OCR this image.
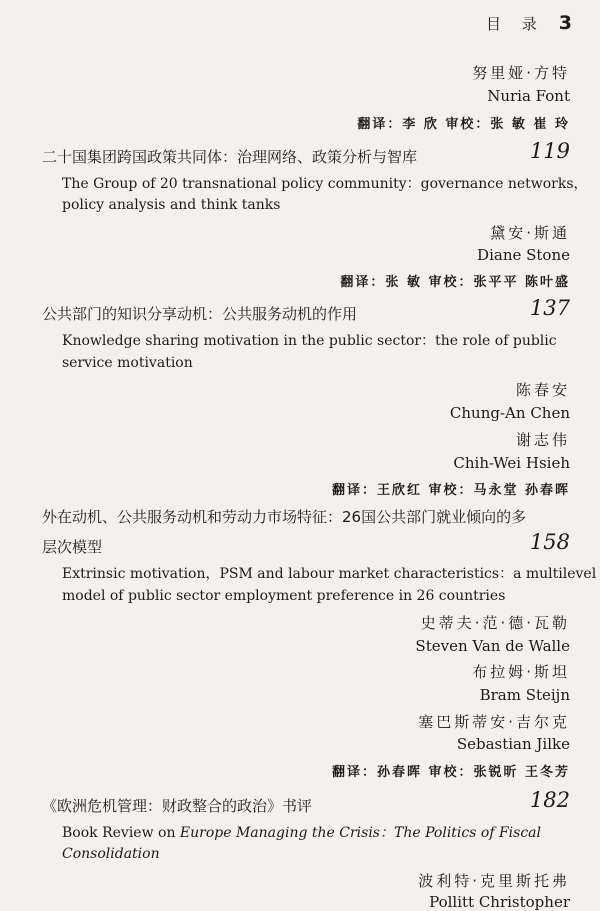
目 录 3
努里娅·方特
Nuria Font
翻译：李 欣 审校：张 敏 崔 玲
二十国集团跨国政策共同体：治理网络、政策分析与智库	119
The Group of 20 transnational policy community：governance networks，
policy analysis and think tanks
黛安·斯通
Diane Stone
翻译：张 敏 审校：张平平 陈叶盛
公共部门的知识分享动机：公共服务动机的作用	137
Knowledge sharing motivation in the public sector：the role of public
service motivation
陈春安
Chung-An Chen
谢志伟
Chih-Wei Hsieh
翻译：王欣红 审校：马永堂 孙春晖
外在动机、公共服务动机和劳动力市场特征：26国公共部门就业倾向的多
层次模型	158
Extrinsic motivation，PSM and labour market characteristics：a multilevel
model of public sector employment preference in 26 countries
史蒂夫·范·德·瓦勒
Steven Van de Walle
布拉姆·斯坦
Bram Steijn
塞巴斯蒂安·吉尔克
Sebastian Jilke
翻译：孙春晖 审校：张锐昕 王冬芳
《欧洲危机管理：财政整合的政治》书评	182
Book Review on Europe Managing the Crisis：The Politics of Fiscal
Consolidation
波利特·克里斯托弗
Pollitt Christopher
